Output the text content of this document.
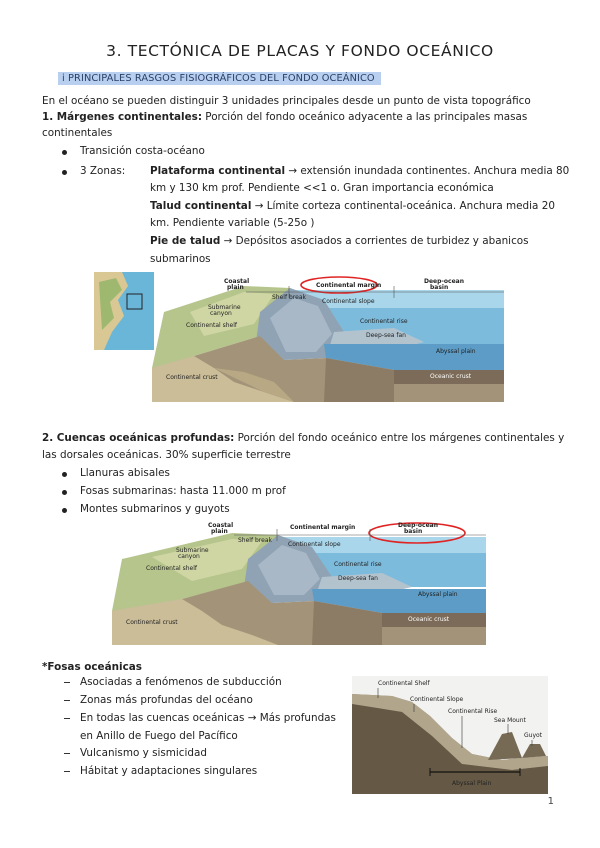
3. TECTÓNICA DE PLACAS Y FONDO OCEÁNICO
i PRINCIPALES RASGOS FISIOGRÁFICOS DEL FONDO OCEÁNICO
En el océano se pueden distinguir 3 unidades principales desde un punto de vista topográfico
1. Márgenes continentales: Porción del fondo oceánico adyacente a las principales masas
continentales
Transición costa-océano
3 Zonas: Plataforma continental → extensión inundada continentes. Anchura media 80
km y 130 km prof. Pendiente <<1 o. Gran importancia económica
Talud continental → Límite corteza continental-oceánica. Anchura media 20
km. Pendiente variable (5-25o )
Pie de talud → Depósitos asociados a corrientes de turbidez y abanicos
submarinos
Coastal
plain	Continental margin
Deep-ocean
basin
Shelf break
Continental slope
Submarine
canyon
Continental shelf
Continental rise
Deep-sea fan
Abyssal plain
Continental crust	Oceanic crust
2. Cuencas oceánicas profundas: Porción del fondo oceánico entre los márgenes continentales y
las dorsales oceánicas. 30% superficie terrestre
Llanuras abisales
Fosas submarinas: hasta 11.000 m prof
Montes submarinos y guyots
Coastal
plain
Continental margin	Deep-ocean
basin
Shelf break
Continental slope
Submarine
canyon
Continental shelf
Continental rise
Deep-sea fan
Abyssal plain
Continental crust	Oceanic crust
*Fosas oceánicas
Asociadas a fenómenos de subducción
Zonas más profundas del océano
En todas las cuencas oceánicas → Más profundas
en Anillo de Fuego del Pacífico
Vulcanismo y sismicidad
Hábitat y adaptaciones singulares
Continental Shelf
Continental Slope
Continental Rise
Sea Mount
Guyot
Abyssal Plain
1
